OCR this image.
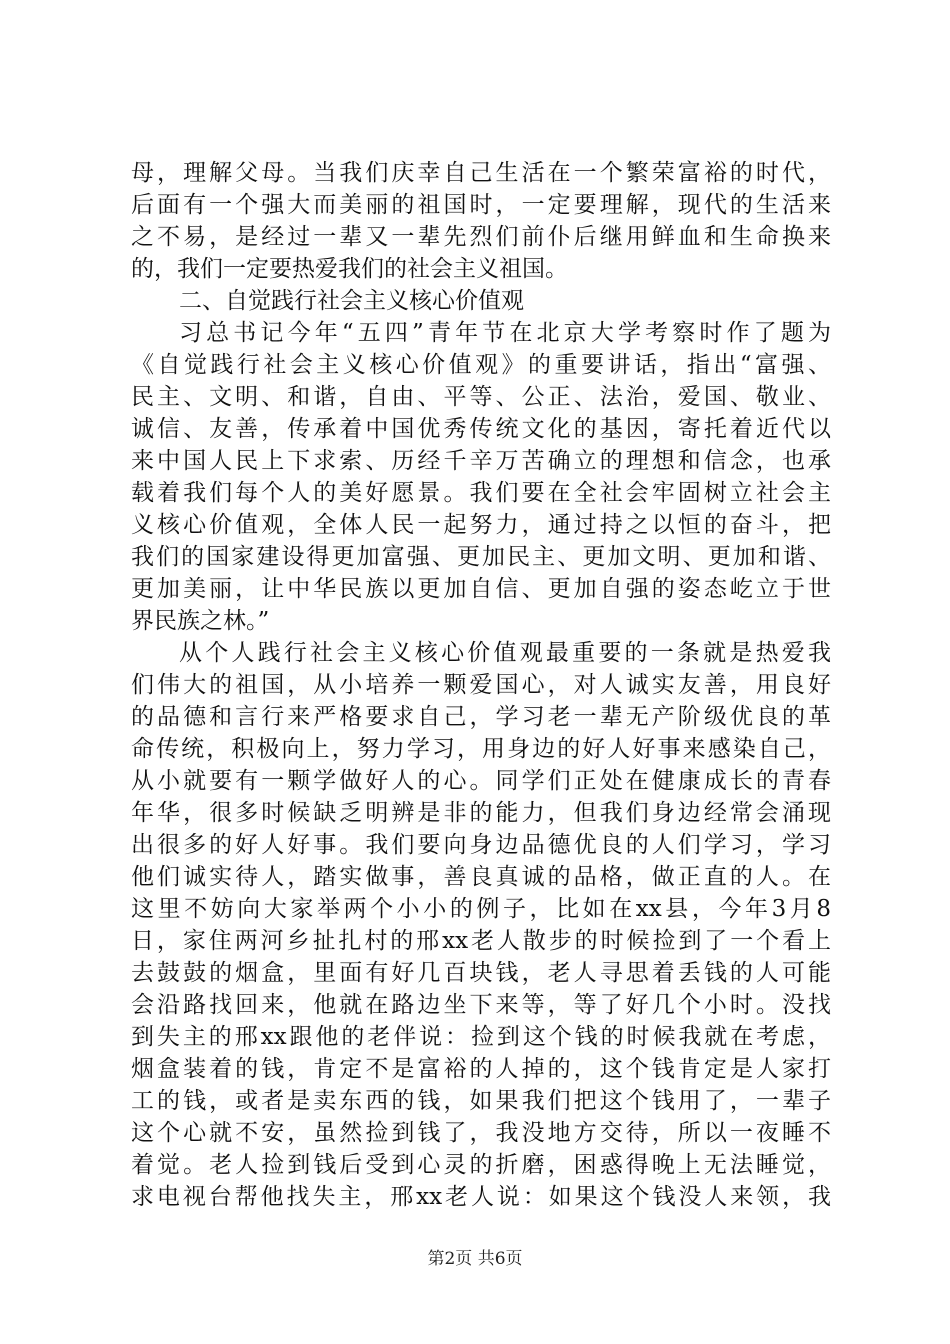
母，理解父母。当我们庆幸自己生活在一个繁荣富裕的时代，
后面有一个强大而美丽的祖国时，一定要理解，现代的生活来
之不易，是经过一辈又一辈先烈们前仆后继用鲜血和生命换来
的，我们一定要热爱我们的社会主义祖国。
二、自觉践行社会主义核心价值观
习总书记今年“五四”青年节在北京大学考察时作了题为
《自觉践行社会主义核心价值观》的重要讲话，指出“富强、
民主、文明、和谐，自由、平等、公正、法治，爱国、敬业、
诚信、友善，传承着中国优秀传统文化的基因，寄托着近代以
来中国人民上下求索、历经千辛万苦确立的理想和信念，也承
载着我们每个人的美好愿景。我们要在全社会牢固树立社会主
义核心价值观，全体人民一起努力，通过持之以恒的奋斗，把
我们的国家建设得更加富强、更加民主、更加文明、更加和谐、
更加美丽，让中华民族以更加自信、更加自强的姿态屹立于世
界民族之林。”
从个人践行社会主义核心价值观最重要的一条就是热爱我
们伟大的祖国，从小培养一颗爱国心，对人诚实友善，用良好
的品德和言行来严格要求自己，学习老一辈无产阶级优良的革
命传统，积极向上，努力学习，用身边的好人好事来感染自己，
从小就要有一颗学做好人的心。同学们正处在健康成长的青春
年华，很多时候缺乏明辨是非的能力，但我们身边经常会涌现
出很多的好人好事。我们要向身边品德优良的人们学习，学习
他们诚实待人，踏实做事，善良真诚的品格，做正直的人。在
这里不妨向大家举两个小小的例子，比如在xx县，今年3月8
日，家住两河乡扯扎村的邢xx老人散步的时候捡到了一个看上
去鼓鼓的烟盒，里面有好几百块钱，老人寻思着丢钱的人可能
会沿路找回来，他就在路边坐下来等，等了好几个小时。没找
到失主的邢xx跟他的老伴说：捡到这个钱的时候我就在考虑，
烟盒装着的钱，肯定不是富裕的人掉的，这个钱肯定是人家打
工的钱，或者是卖东西的钱，如果我们把这个钱用了，一辈子
这个心就不安，虽然捡到钱了，我没地方交待，所以一夜睡不
着觉。老人捡到钱后受到心灵的折磨，困惑得晚上无法睡觉，
求电视台帮他找失主，邢xx老人说：如果这个钱没人来领，我
第2页 共6页
